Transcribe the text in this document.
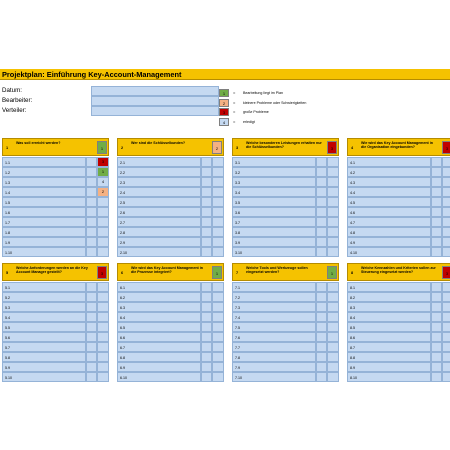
Projektplan: Einführung Key-Account-Management
Datum:
Bearbeiter:
Verteiler:
1	= Bearbeitung liegt im Plan
2	= kleinere Probleme oder Schwierigkeiten
3	= große Probleme
4	= erledigt
1
Was soll erreicht werden?
1
1.1	3
1.2	1
1.3	4
1.4	2
1.5
1.6
1.7
1.8
1.9
1.10
2
Wer sind die Schlüsselkunden?
2
2.1
2.2
2.3
2.4
2.5
2.6
2.7
2.8
2.9
2.10
3
Welche besonderen Leistungen erhalten nur die Schlüsselkunden?	3
3.1
3.2
3.3
3.4
3.5
3.6
3.7
3.8
3.9
3.10
4
Wie wird das Key Account Management in die Organisation eingebunden?	3
4.1
4.2
4.3
4.4
4.5
4.6
4.7
4.8
4.9
4.10
5
Welche Anforderungen werden an die Key Account Manager gestellt?	3
5.1
5.2
5.3
5.4
5.5
5.6
5.7
5.8
5.9
5.10
6
Wie wird das Key Account Management in die Prozesse integriert?	1
6.1
6.2
6.3
6.4
6.5
6.6
6.7
6.8
6.9
6.10
7
Welche Tools und Werkzeuge sollen eingesetzt werden?	1
7.1
7.2
7.3
7.4
7.5
7.6
7.7
7.8
7.9
7.10
8
Welche Kennzahlen und Kriterien sollen zur Steuerung eingesetzt werden?	3
8.1
8.2
8.3
8.4
8.5
8.6
8.7
8.8
8.9
8.10
